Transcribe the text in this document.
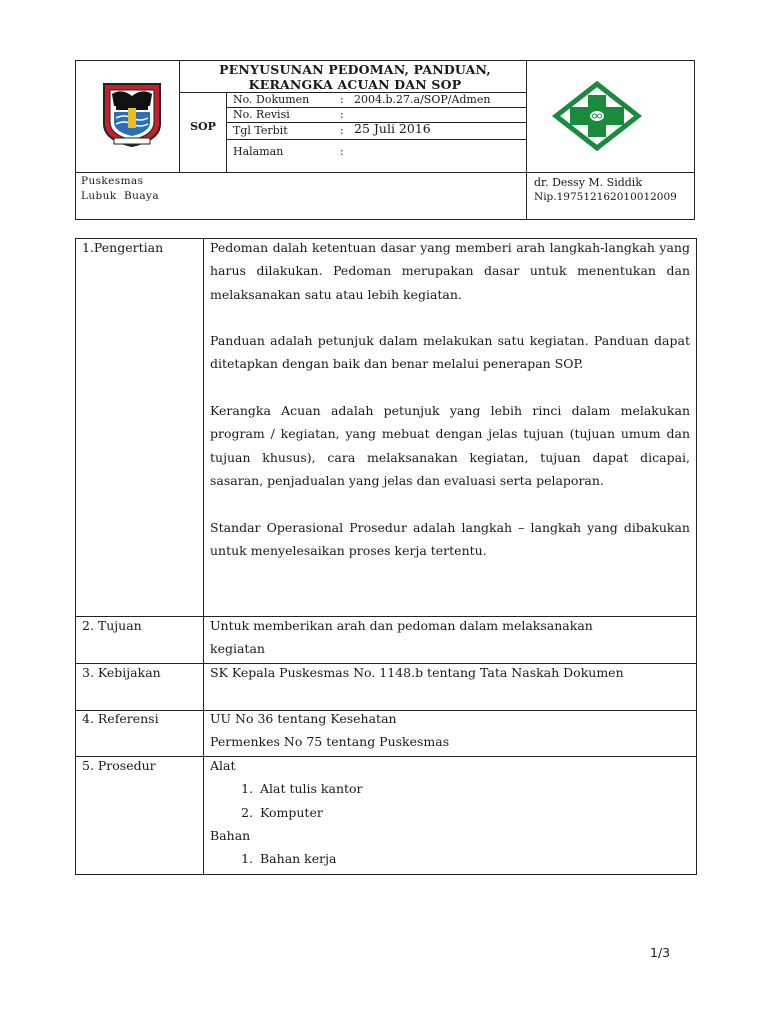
PENYUSUNAN PEDOMAN, PANDUAN,
KERANGKA ACUAN DAN SOP
SOP
No. Dokumen	: 2004.b.27.a/SOP/Admen
No. Revisi	:
Tgl Terbit	: 25 Juli 2016
Halaman	:
Puskesmas
Lubuk  Buaya
dr. Dessy M. Siddik
Nip.197512162010012009
1.Pengertian	Pedoman dalah ketentuan dasar yang memberi arah langkah-langkah yang harus dilakukan. Pedoman merupakan dasar untuk menentukan dan melaksanakan satu atau lebih kegiatan.

Panduan adalah petunjuk dalam melakukan satu kegiatan. Panduan dapat ditetapkan dengan baik dan benar melalui penerapan SOP.

Kerangka Acuan adalah petunjuk yang lebih rinci dalam melakukan program / kegiatan, yang mebuat dengan jelas tujuan (tujuan umum dan tujuan khusus), cara melaksanakan kegiatan, tujuan dapat dicapai, sasaran, penjadualan yang jelas dan evaluasi serta pelaporan.

Standar Operasional Prosedur adalah langkah – langkah yang dibakukan untuk menyelesaikan proses kerja tertentu.

2. Tujuan	Untuk memberikan arah dan pedoman dalam melaksanakan
kegiatan
3. Kebijakan	SK Kepala Puskesmas No. 1148.b tentang Tata Naskah Dokumen
4. Referensi	UU No 36 tentang Kesehatan
Permenkes No 75 tentang Puskesmas
5. Prosedur	Alat
1. Alat tulis kantor
2. Komputer
Bahan
1. Bahan kerja
1/3
